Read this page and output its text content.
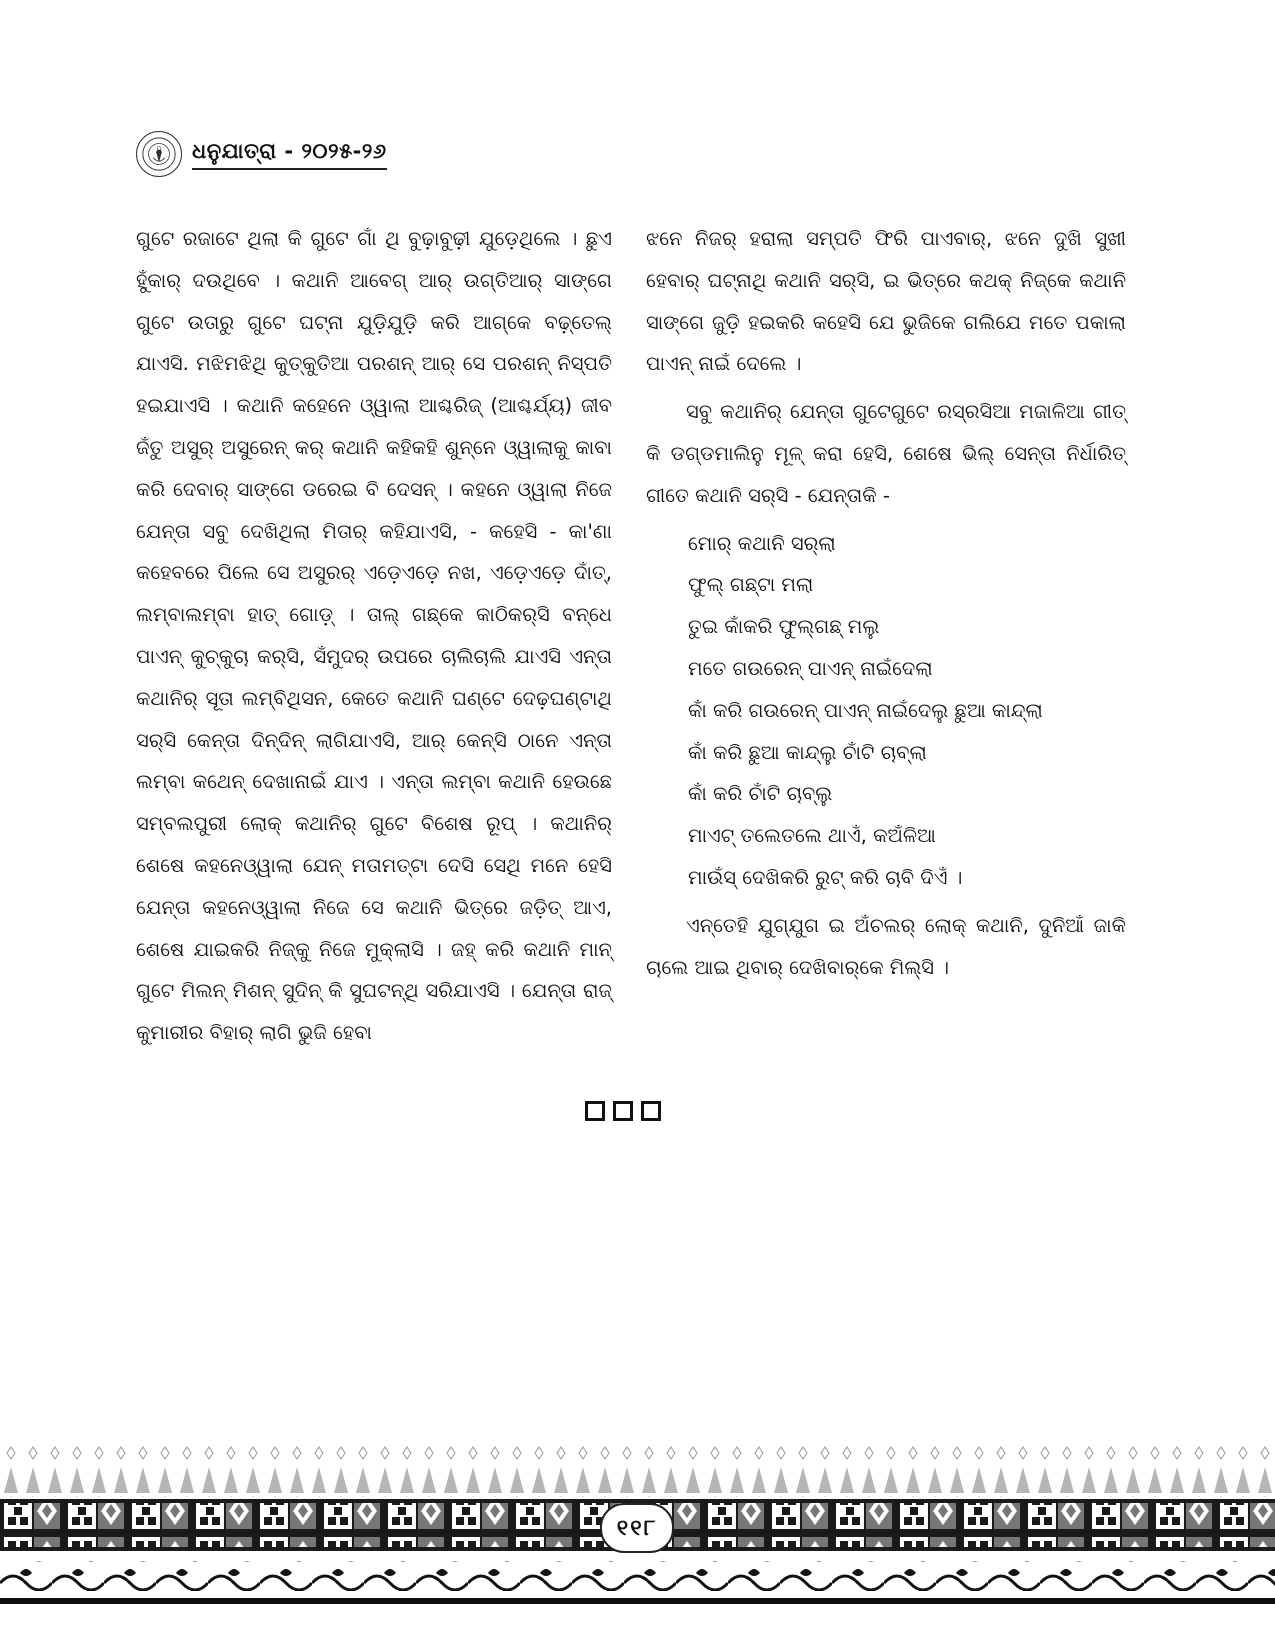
ଧନୁଯାତ୍ରା - ୨୦୨୫-୨୬

ଗୁଟେ ରଜାଟେ ଥିଲା କି ଗୁଟେ ଗାଁ ଥି ବୁଢ଼ାବୁଢ଼ୀ ଯୁଡ଼େଥିଲେ । ଛୁଏ ହୁଁକାର୍ ଦଉଥିବେ । କଥାନି ଆବେଗ୍ ଆର୍ ଉଗ୍ତିଆର୍ ସାଙ୍ଗେ ଗୁଟେ ଉତାରୁ ଗୁଟେ ଘଟ୍ନା ଯୁଡ଼ିଯୁଡ଼ି କରି ଆଗ୍‌କେ ବଢ଼୍‌ତେଲ୍ ଯାଏସି. ମଝିମଝିଥି କୁତ୍‌କୁତିଆ ପରଶନ୍ ଆର୍ ସେ ପରଶନ୍ ନିସ୍‌ପତି ହଇଯାଏସି । କଥାନି କହେନେ ଓ୍ୱାଲା ଆଶ୍ଚରିଜ୍ (ଆଶ୍ଚର୍ଯ୍ୟ) ଜୀବ ଜଁତୁ ଅସୁର୍ ଅସୁରେନ୍ କର୍ କଥାନି କହିକହି ଶୁନ୍‌ନେ ଓ୍ୱାଲାକୁ କାବା କରି ଦେବାର୍ ସାଙ୍ଗେ ଡରେଇ ବି ଦେସନ୍ । କହନେ ଓ୍ୱାଲା ନିଜେ ଯେନ୍ତା ସବୁ ଦେଖିଥିଲା ମିତାର୍ କହିଯାଏସି, - କହେସି - କା'ଣା କହେବରେ ପିଲେ ସେ ଅସୁରର୍ ଏଡ଼େଏଡ଼େ ନଖ, ଏଡ଼େଏଡ଼େ ଦାଁତ୍, ଲମ୍ବାଲମ୍ବା ହାତ୍ ଗୋଡ଼୍ । ତାଲ୍ ଗଛ୍‌କେ କାଠିକର୍‌ସି ବନ୍ଧେ ପାଏନ୍ କୁଚ୍‌କୁଚା କର୍‌ସି, ସଁମୁଦର୍ ଉପରେ ଚାଲିଚାଲି ଯାଏସି ଏନ୍ତା କଥାନିର୍ ସୂତା ଲମ୍ବିଥିସନ, କେତେ କଥାନି ଘଣ୍ଟେ ଦେଢ଼ଘଣ୍ଟାଥି ସର୍‌ସି କେନ୍ତା ଦିନ୍‌ଦିନ୍ ଲାଗିଯାଏସି, ଆର୍ କେନ୍‌ସି ଠାନେ ଏନ୍ତା ଲମ୍ବା କଥେନ୍ ଦେଖାନାଇଁ ଯାଏ । ଏନ୍ତା ଲମ୍ବା କଥାନି ହେଉଛେ ସମ୍ବଲପୁରୀ ଲୋକ୍ କଥାନିର୍ ଗୁଟେ ବିଶେଷ ରୂପ୍ । କଥାନିର୍ ଶେଷେ କହନେଓ୍ୱାଲା ଯେନ୍ ମତାମତ୍‌ଟା ଦେସି ସେଥି ମନେ ହେସି ଯେନ୍ତା କହନେଓ୍ୱାଲା ନିଜେ ସେ କଥାନି ଭିତ୍ରେ ଜଡ଼ିତ୍ ଆଏ, ଶେଷେ ଯାଇକରି ନିଜ୍‌କୁ ନିଜେ ମୁକ୍‌ଲାସି । ଜହ୍ କରି କଥାନି ମାନ୍ ଗୁଟେ ମିଲନ୍ ମିଶନ୍ ସୁଦିନ୍ କି ସୁଘଟନ୍‌ଥି ସରିଯାଏସି । ଯେନ୍ତା ରାଜ୍ କୁମାରୀର ବିହାର୍ ଲାଗି ଭୁଜି ହେବା

ଝନେ ନିଜର୍ ହରାଲା ସମ୍ପତି ଫିରି ପାଏବାର୍, ଝନେ ଦୁଖି ସୁଖୀ ହେବାର୍ ଘଟ୍‌ନାଥି କଥାନି ସର୍‌ସି, ଇ ଭିତ୍ରେ କଥକ୍ ନିଜ୍‌କେ କଥାନି ସାଙ୍ଗେ ଜୁଡ଼ି ହଇକରି କହେସି ଯେ ଭୁଜିକେ ଗଲିଯେ ମତେ ପକାଲା ପାଏନ୍ ନାଇଁ ଦେଲେ ।

ସବୁ କଥାନିର୍ ଯେନ୍ତା ଗୁଟେଗୁଟେ ରସ୍‌ରସିଆ ମଜାଳିଆ ଗୀତ୍ କି ଡଗ୍‌ଡମାଲିନୁ ମୂଳ୍ କରା ହେସି, ଶେଷେ ଭିଲ୍ ସେନ୍ତା ନିର୍ଧାରିତ୍ ଗୀତେ କଥାନି ସର୍‌ସି - ଯେନ୍ତାକି -

ମୋର୍ କଥାନି ସର୍‌ଲା
ଫୁଲ୍ ଗଛ୍‌ଟା ମଲା
ତୁଇ କାଁକରି ଫୁଲ୍‌ଗଛ୍ ମଲୁ
ମତେ ଗଉରେନ୍ ପାଏନ୍ ନାଇଁଦେଲା
କାଁ କରି ଗଉରେନ୍ ପାଏନ୍ ନାଇଁଦେଲୁ ଛୁଆ କାନ୍ଦ୍‌ଲା
କାଁ କରି ଛୁଆ କାନ୍ଦ୍‌ଲୁ ଚାଁଟି ଚାବ୍‌ଲା
କାଁ କରି ଚାଁଟି ଚାବ୍‌ଲୁ
ମାଏଟ୍ ତଲେତଲେ ଥାଏଁ, କଅଁଳିଆ
ମାଉଁସ୍ ଦେଖିକରି ରୁଟ୍ କରି ଚାବି ଦିଏଁ ।

ଏନ୍ତେହି ଯୁଗ୍‌ଯୁଗ ଇ ଅଁଚଲର୍ ଲୋକ୍ କଥାନି, ଦୁନିଆଁ ଜାକି ଚାଲେ ଆଇ ଥିବାର୍ ଦେଖିବାର୍‌କେ ମିଲ୍‌ସି ।

୧୧୮
